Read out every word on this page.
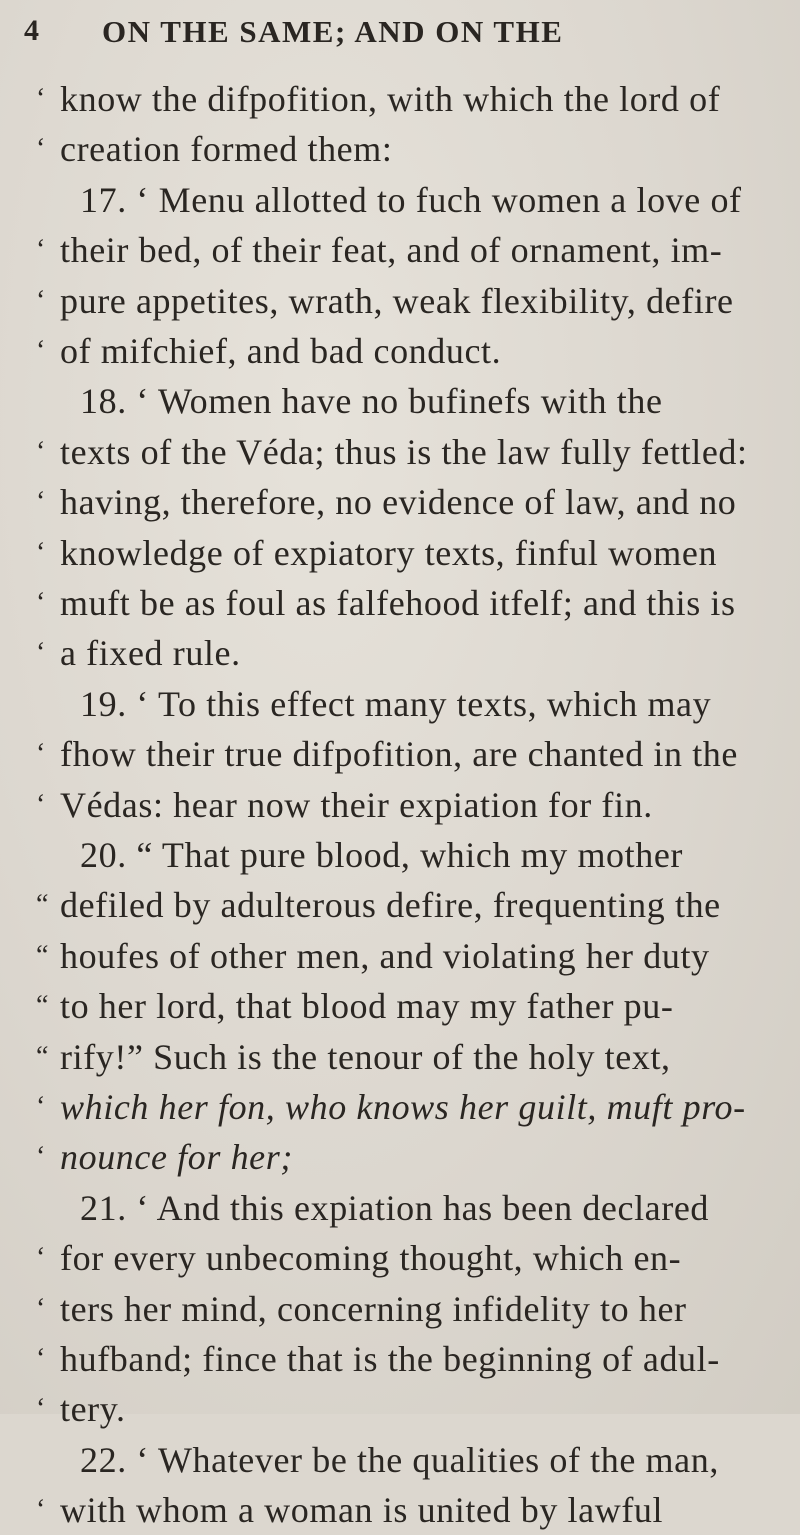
4 ON THE SAME; AND ON THE
‘ know the difpofition, with which the lord of
‘ creation formed them:
17. ‘ Menu allotted to fuch women a love of
‘ their bed, of their feat, and of ornament, im-
‘ pure appetites, wrath, weak flexibility, defire
‘ of mifchief, and bad conduct.
18. ‘ Women have no bufinefs with the
‘ texts of the Véda; thus is the law fully fettled:
‘ having, therefore, no evidence of law, and no
‘ knowledge of expiatory texts, finful women
‘ muft be as foul as falfehood itfelf; and this is
‘ a fixed rule.
19. ‘ To this effect many texts, which may
‘ fhow their true difpofition, are chanted in the
‘ Védas: hear now their expiation for fin.
20. “ That pure blood, which my mother
“ defiled by adulterous defire, frequenting the
“ houfes of other men, and violating her duty
“ to her lord, that blood may my father pu-
“ rify!” Such is the tenour of the holy text,
‘ which her fon, who knows her guilt, muft pro-
‘ nounce for her;
21. ‘ And this expiation has been declared
‘ for every unbecoming thought, which en-
‘ ters her mind, concerning infidelity to her
‘ hufband; fince that is the beginning of adul-
‘ tery.
22. ‘ Whatever be the qualities of the man,
‘ with whom a woman is united by lawful
